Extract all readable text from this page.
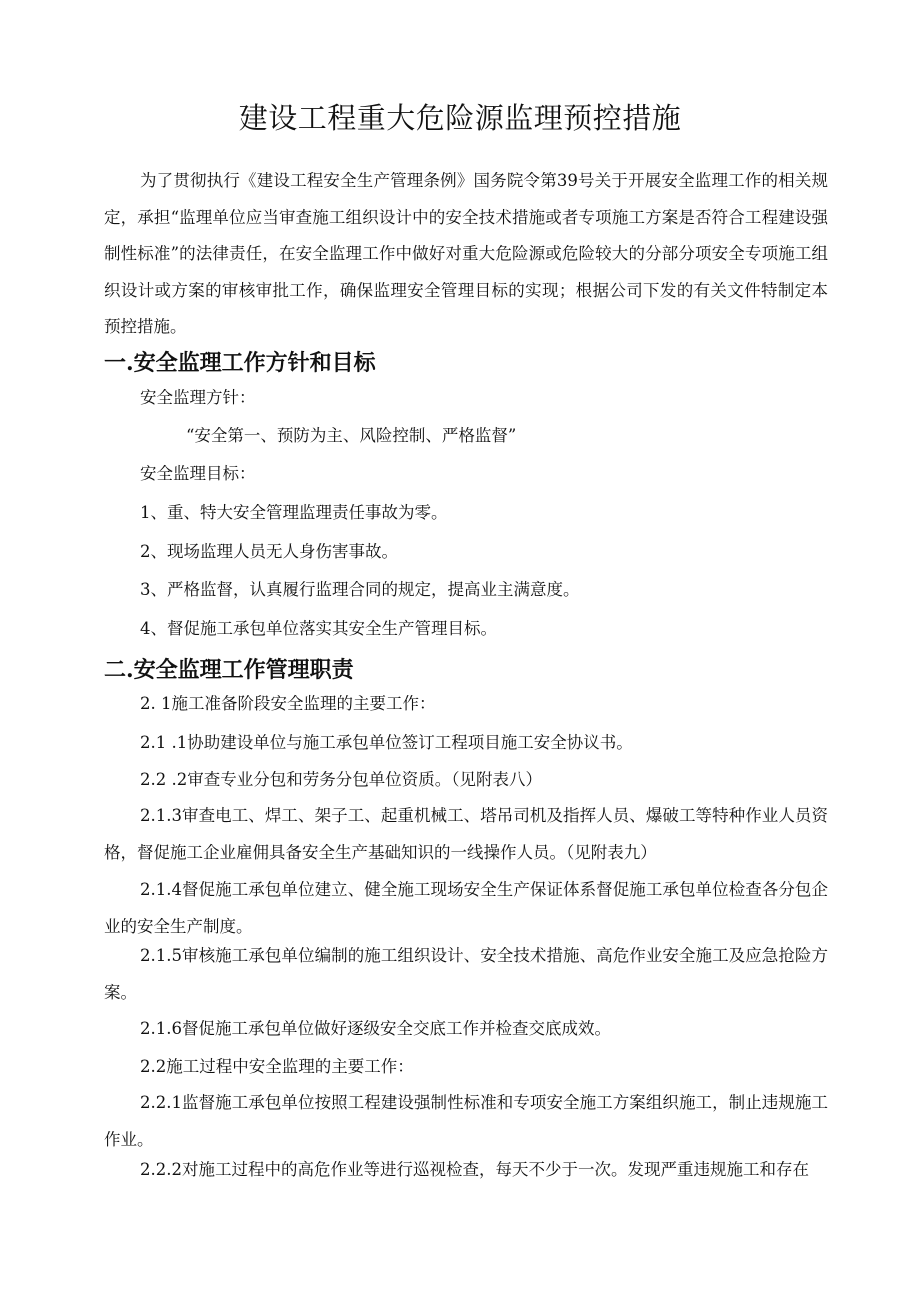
建设工程重大危险源监理预控措施

为了贯彻执行《建设工程安全生产管理条例》国务院令第39号关于开展安全监理工作的相关规定，承担“监理单位应当审查施工组织设计中的安全技术措施或者专项施工方案是否符合工程建设强制性标准”的法律责任，在安全监理工作中做好对重大危险源或危险较大的分部分项安全专项施工组织设计或方案的审核审批工作，确保监理安全管理目标的实现；根据公司下发的有关文件特制定本预控措施。

一.安全监理工作方针和目标
安全监理方针：
“安全第一、预防为主、风险控制、严格监督”
安全监理目标：
1、重、特大安全管理监理责任事故为零。
2、现场监理人员无人身伤害事故。
3、严格监督，认真履行监理合同的规定，提高业主满意度。
4、督促施工承包单位落实其安全生产管理目标。
二.安全监理工作管理职责
2. 1施工准备阶段安全监理的主要工作：
2.1 .1协助建设单位与施工承包单位签订工程项目施工安全协议书。
2.2 .2审查专业分包和劳务分包单位资质。（见附表八）

2.1.3审查电工、焊工、架子工、起重机械工、塔吊司机及指挥人员、爆破工等特种作业人员资格，督促施工企业雇佣具备安全生产基础知识的一线操作人员。（见附表九）

2.1.4督促施工承包单位建立、健全施工现场安全生产保证体系督促施工承包单位检查各分包企业的安全生产制度。

2.1.5审核施工承包单位编制的施工组织设计、安全技术措施、高危作业安全施工及应急抢险方案。

2.1.6督促施工承包单位做好逐级安全交底工作并检查交底成效。
2.2施工过程中安全监理的主要工作：

2.2.1监督施工承包单位按照工程建设强制性标准和专项安全施工方案组织施工，制止违规施工作业。

2.2.2对施工过程中的高危作业等进行巡视检查，每天不少于一次。发现严重违规施工和存在
